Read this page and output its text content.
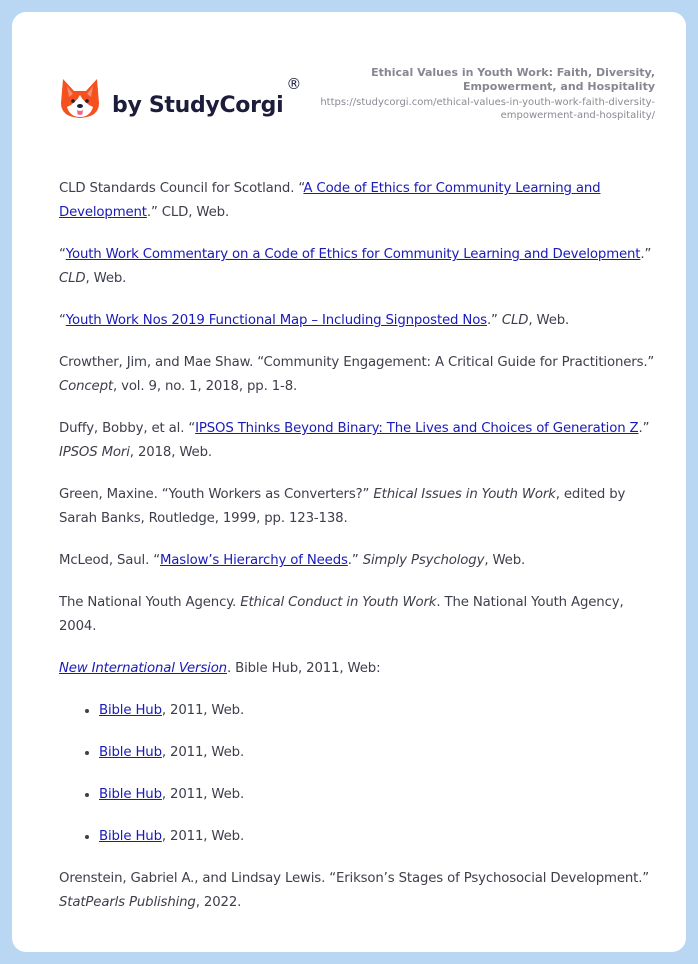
by StudyCorgi
®
Ethical Values in Youth Work: Faith, Diversity, Empowerment, and Hospitality
https://studycorgi.com/ethical-values-in-youth-work-faith-diversity-empowerment-and-hospitality/

CLD Standards Council for Scotland. “A Code of Ethics for Community Learning and Development.” CLD, Web.

“Youth Work Commentary on a Code of Ethics for Community Learning and Development.” CLD, Web.

“Youth Work Nos 2019 Functional Map – Including Signposted Nos.” CLD, Web.

Crowther, Jim, and Mae Shaw. “Community Engagement: A Critical Guide for Practitioners.” Concept, vol. 9, no. 1, 2018, pp. 1-8.

Duffy, Bobby, et al. “IPSOS Thinks Beyond Binary: The Lives and Choices of Generation Z.” IPSOS Mori, 2018, Web.

Green, Maxine. “Youth Workers as Converters?” Ethical Issues in Youth Work, edited by Sarah Banks, Routledge, 1999, pp. 123-138.

McLeod, Saul. “Maslow’s Hierarchy of Needs.” Simply Psychology, Web.

The National Youth Agency. Ethical Conduct in Youth Work. The National Youth Agency, 2004.

New International Version. Bible Hub, 2011, Web:

• Bible Hub, 2011, Web.
• Bible Hub, 2011, Web.
• Bible Hub, 2011, Web.
• Bible Hub, 2011, Web.

Orenstein, Gabriel A., and Lindsay Lewis. “Erikson’s Stages of Psychosocial Development.” StatPearls Publishing, 2022.
